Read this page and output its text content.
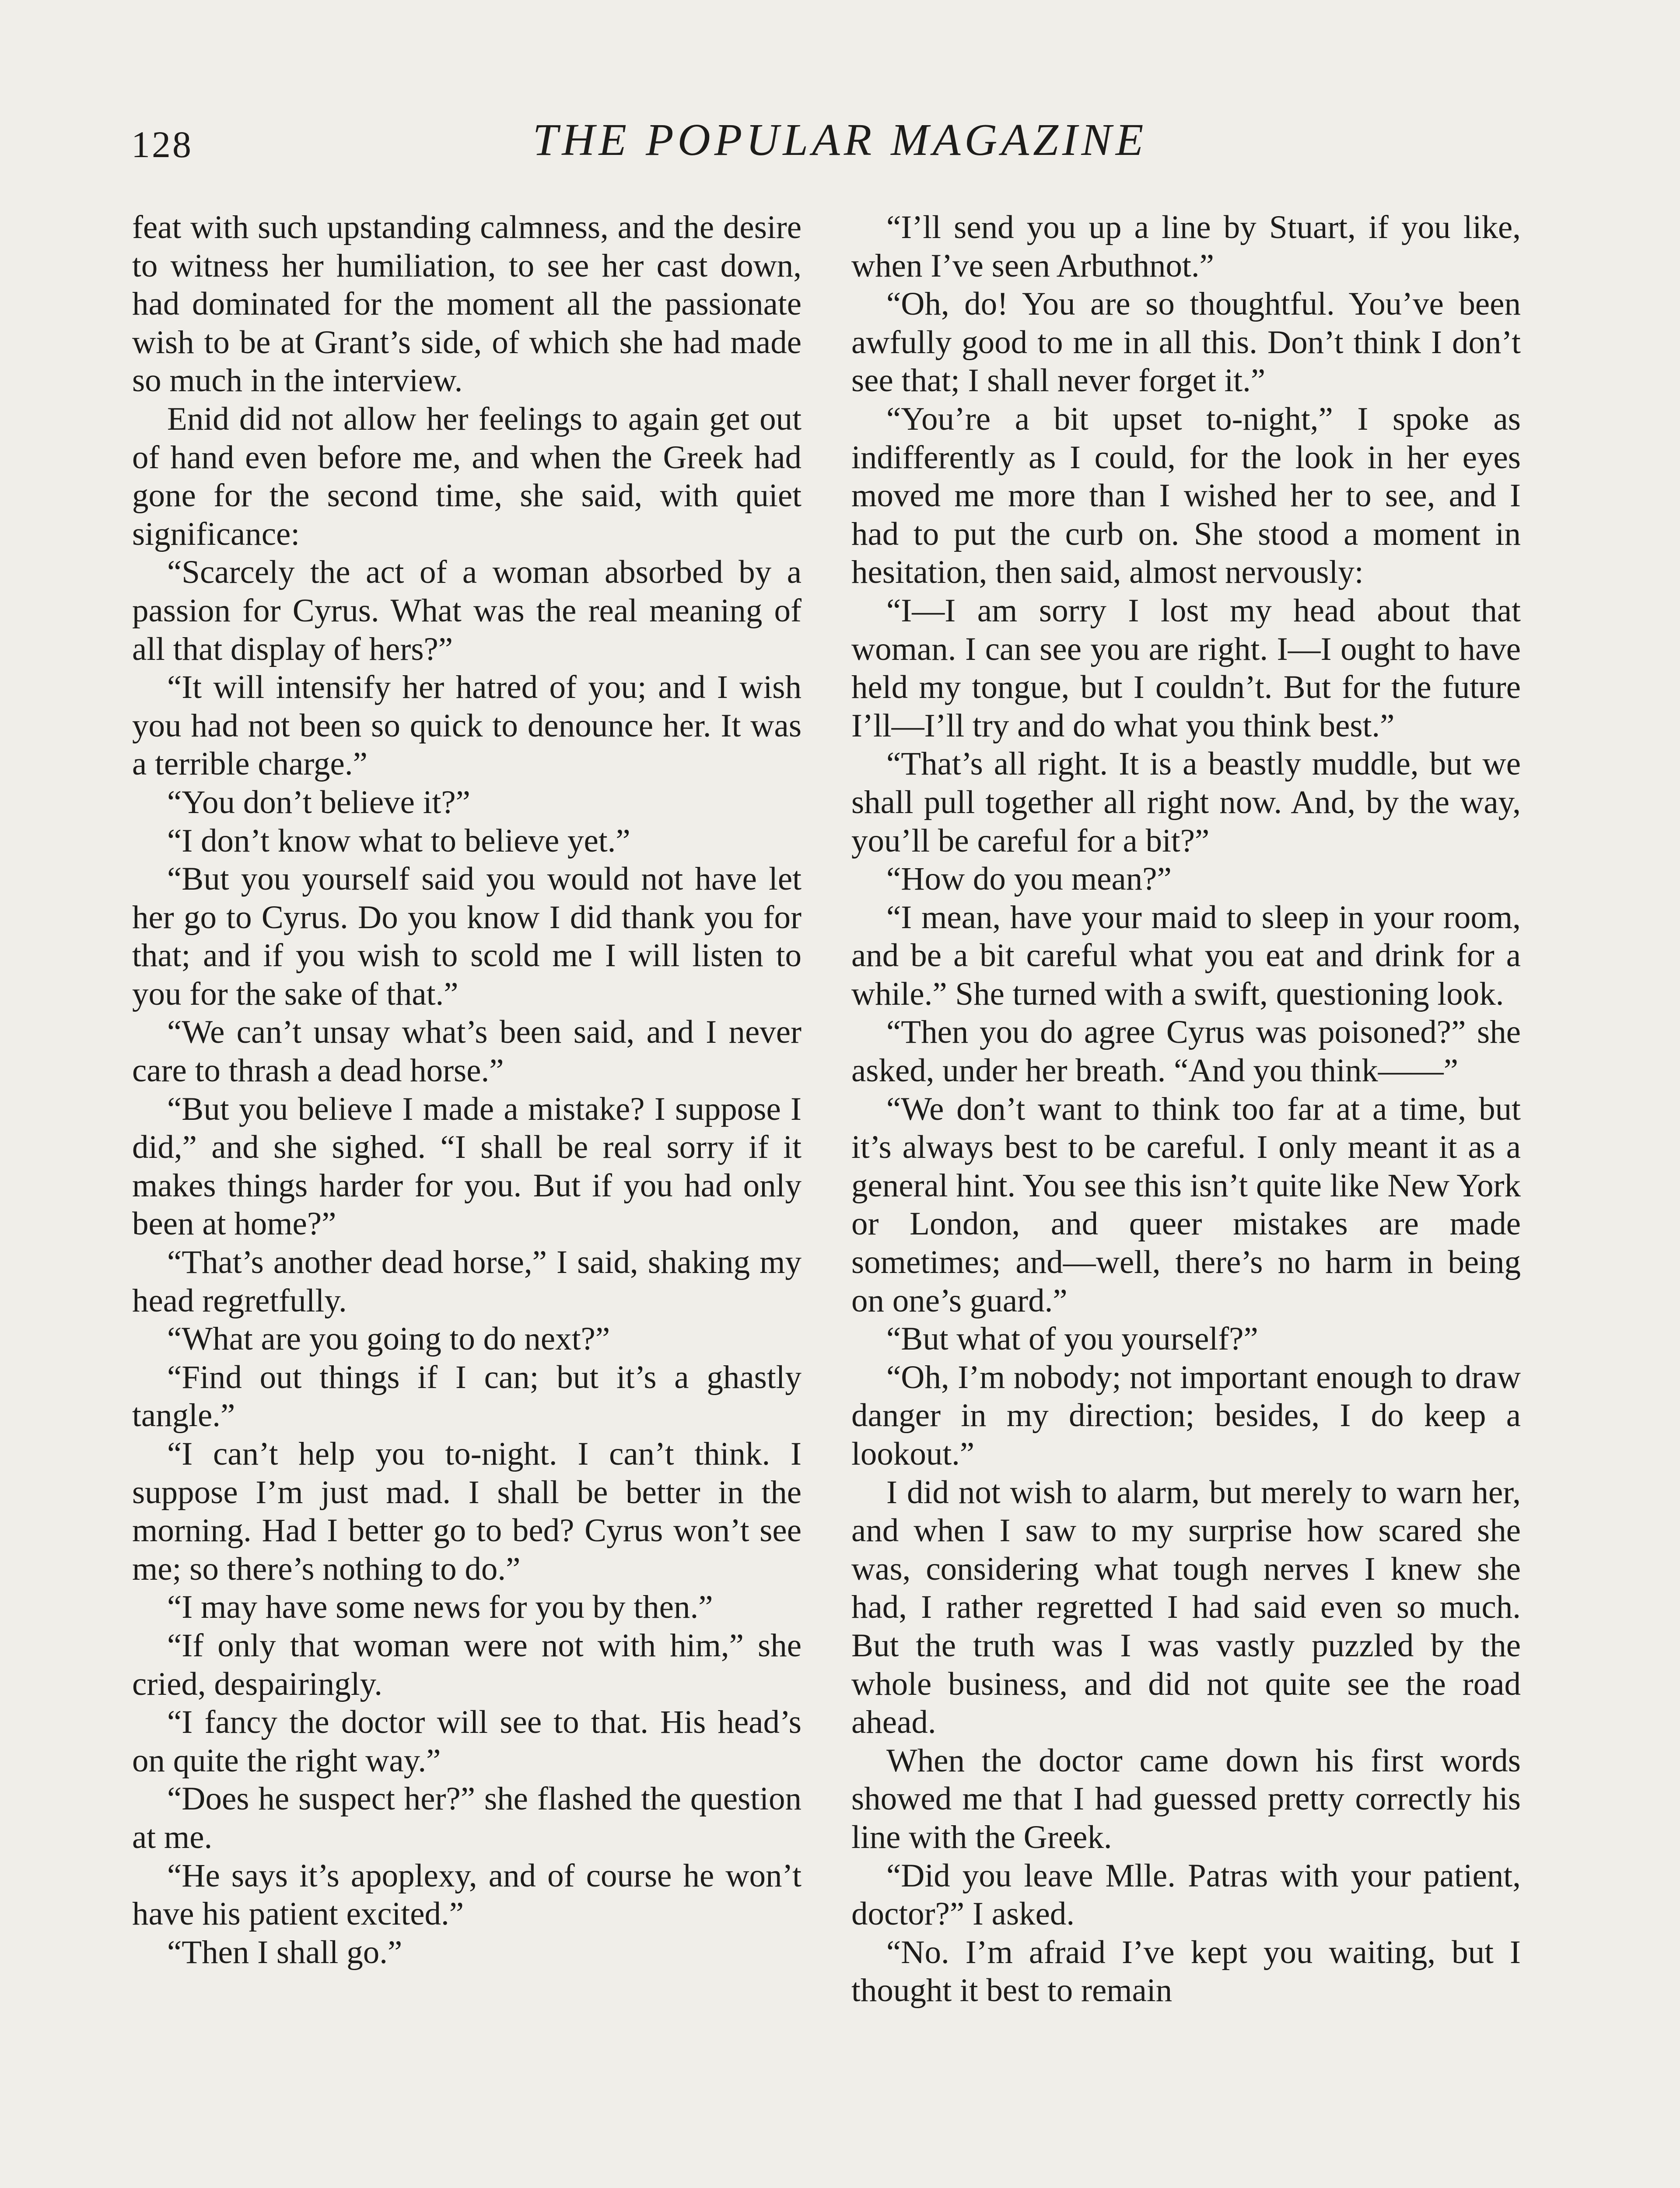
128	THE POPULAR MAGAZINE

feat with such upstanding calmness, and the desire to witness her humiliation, to see her cast down, had dominated for the moment all the passionate wish to be at Grant’s side, of which she had made so much in the interview.

Enid did not allow her feelings to again get out of hand even before me, and when the Greek had gone for the second time, she said, with quiet significance:

“Scarcely the act of a woman absorbed by a passion for Cyrus. What was the real meaning of all that display of hers?”

“It will intensify her hatred of you; and I wish you had not been so quick to denounce her. It was a terrible charge.”

“You don’t believe it?”

“I don’t know what to believe yet.”

“But you yourself said you would not have let her go to Cyrus. Do you know I did thank you for that; and if you wish to scold me I will listen to you for the sake of that.”

“We can’t unsay what’s been said, and I never care to thrash a dead horse.”

“But you believe I made a mistake? I suppose I did,” and she sighed. “I shall be real sorry if it makes things harder for you. But if you had only been at home?”

“That’s another dead horse,” I said, shaking my head regretfully.

“What are you going to do next?”

“Find out things if I can; but it’s a ghastly tangle.”

“I can’t help you to-night. I can’t think. I suppose I’m just mad. I shall be better in the morning. Had I better go to bed? Cyrus won’t see me; so there’s nothing to do.”

“I may have some news for you by then.”

“If only that woman were not with him,” she cried, despairingly.

“I fancy the doctor will see to that. His head’s on quite the right way.”

“Does he suspect her?” she flashed the question at me.

“He says it’s apoplexy, and of course he won’t have his patient excited.”

“Then I shall go.”

“I’ll send you up a line by Stuart, if you like, when I’ve seen Arbuthnot.”

“Oh, do! You are so thoughtful. You’ve been awfully good to me in all this. Don’t think I don’t see that; I shall never forget it.”

“You’re a bit upset to-night,” I spoke as indifferently as I could, for the look in her eyes moved me more than I wished her to see, and I had to put the curb on. She stood a moment in hesitation, then said, almost nervously:

“I—I am sorry I lost my head about that woman. I can see you are right. I—I ought to have held my tongue, but I couldn’t. But for the future I’ll—I’ll try and do what you think best.”

“That’s all right. It is a beastly muddle, but we shall pull together all right now. And, by the way, you’ll be careful for a bit?”

“How do you mean?”

“I mean, have your maid to sleep in your room, and be a bit careful what you eat and drink for a while.” She turned with a swift, questioning look.

“Then you do agree Cyrus was poisoned?” she asked, under her breath. “And you think——”

“We don’t want to think too far at a time, but it’s always best to be careful. I only meant it as a general hint. You see this isn’t quite like New York or London, and queer mistakes are made sometimes; and—well, there’s no harm in being on one’s guard.”

“But what of you yourself?”

“Oh, I’m nobody; not important enough to draw danger in my direction; besides, I do keep a lookout.”

I did not wish to alarm, but merely to warn her, and when I saw to my surprise how scared she was, considering what tough nerves I knew she had, I rather regretted I had said even so much. But the truth was I was vastly puzzled by the whole business, and did not quite see the road ahead.

When the doctor came down his first words showed me that I had guessed pretty correctly his line with the Greek.

“Did you leave Mlle. Patras with your patient, doctor?” I asked.

“No. I’m afraid I’ve kept you waiting, but I thought it best to remain
